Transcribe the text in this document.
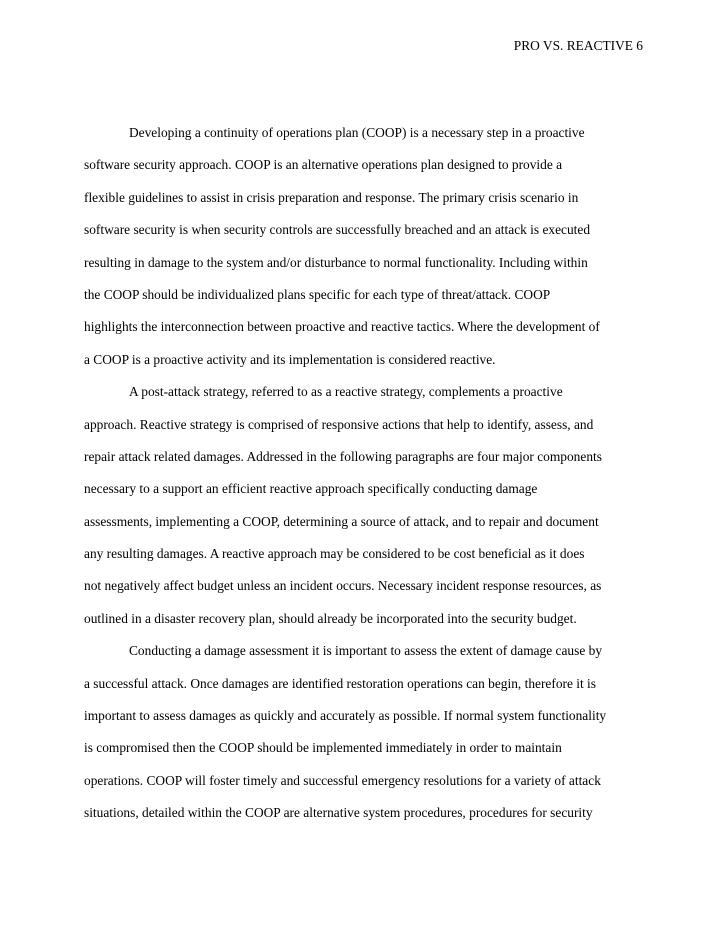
PRO VS. REACTIVE 6
Developing a continuity of operations plan (COOP) is a necessary step in a proactive
software security approach. COOP is an alternative operations plan designed to provide a
flexible guidelines to assist in crisis preparation and response. The primary crisis scenario in
software security is when security controls are successfully breached and an attack is executed
resulting in damage to the system and/or disturbance to normal functionality. Including within
the COOP should be individualized plans specific for each type of threat/attack. COOP
highlights the interconnection between proactive and reactive tactics. Where the development of
a COOP is a proactive activity and its implementation is considered reactive.
A post-attack strategy, referred to as a reactive strategy, complements a proactive
approach. Reactive strategy is comprised of responsive actions that help to identify, assess, and
repair attack related damages. Addressed in the following paragraphs are four major components
necessary to a support an efficient reactive approach specifically conducting damage
assessments, implementing a COOP, determining a source of attack, and to repair and document
any resulting damages. A reactive approach may be considered to be cost beneficial as it does
not negatively affect budget unless an incident occurs. Necessary incident response resources, as
outlined in a disaster recovery plan, should already be incorporated into the security budget.
Conducting a damage assessment it is important to assess the extent of damage cause by
a successful attack. Once damages are identified restoration operations can begin, therefore it is
important to assess damages as quickly and accurately as possible. If normal system functionality
is compromised then the COOP should be implemented immediately in order to maintain
operations. COOP will foster timely and successful emergency resolutions for a variety of attack
situations, detailed within the COOP are alternative system procedures, procedures for security
